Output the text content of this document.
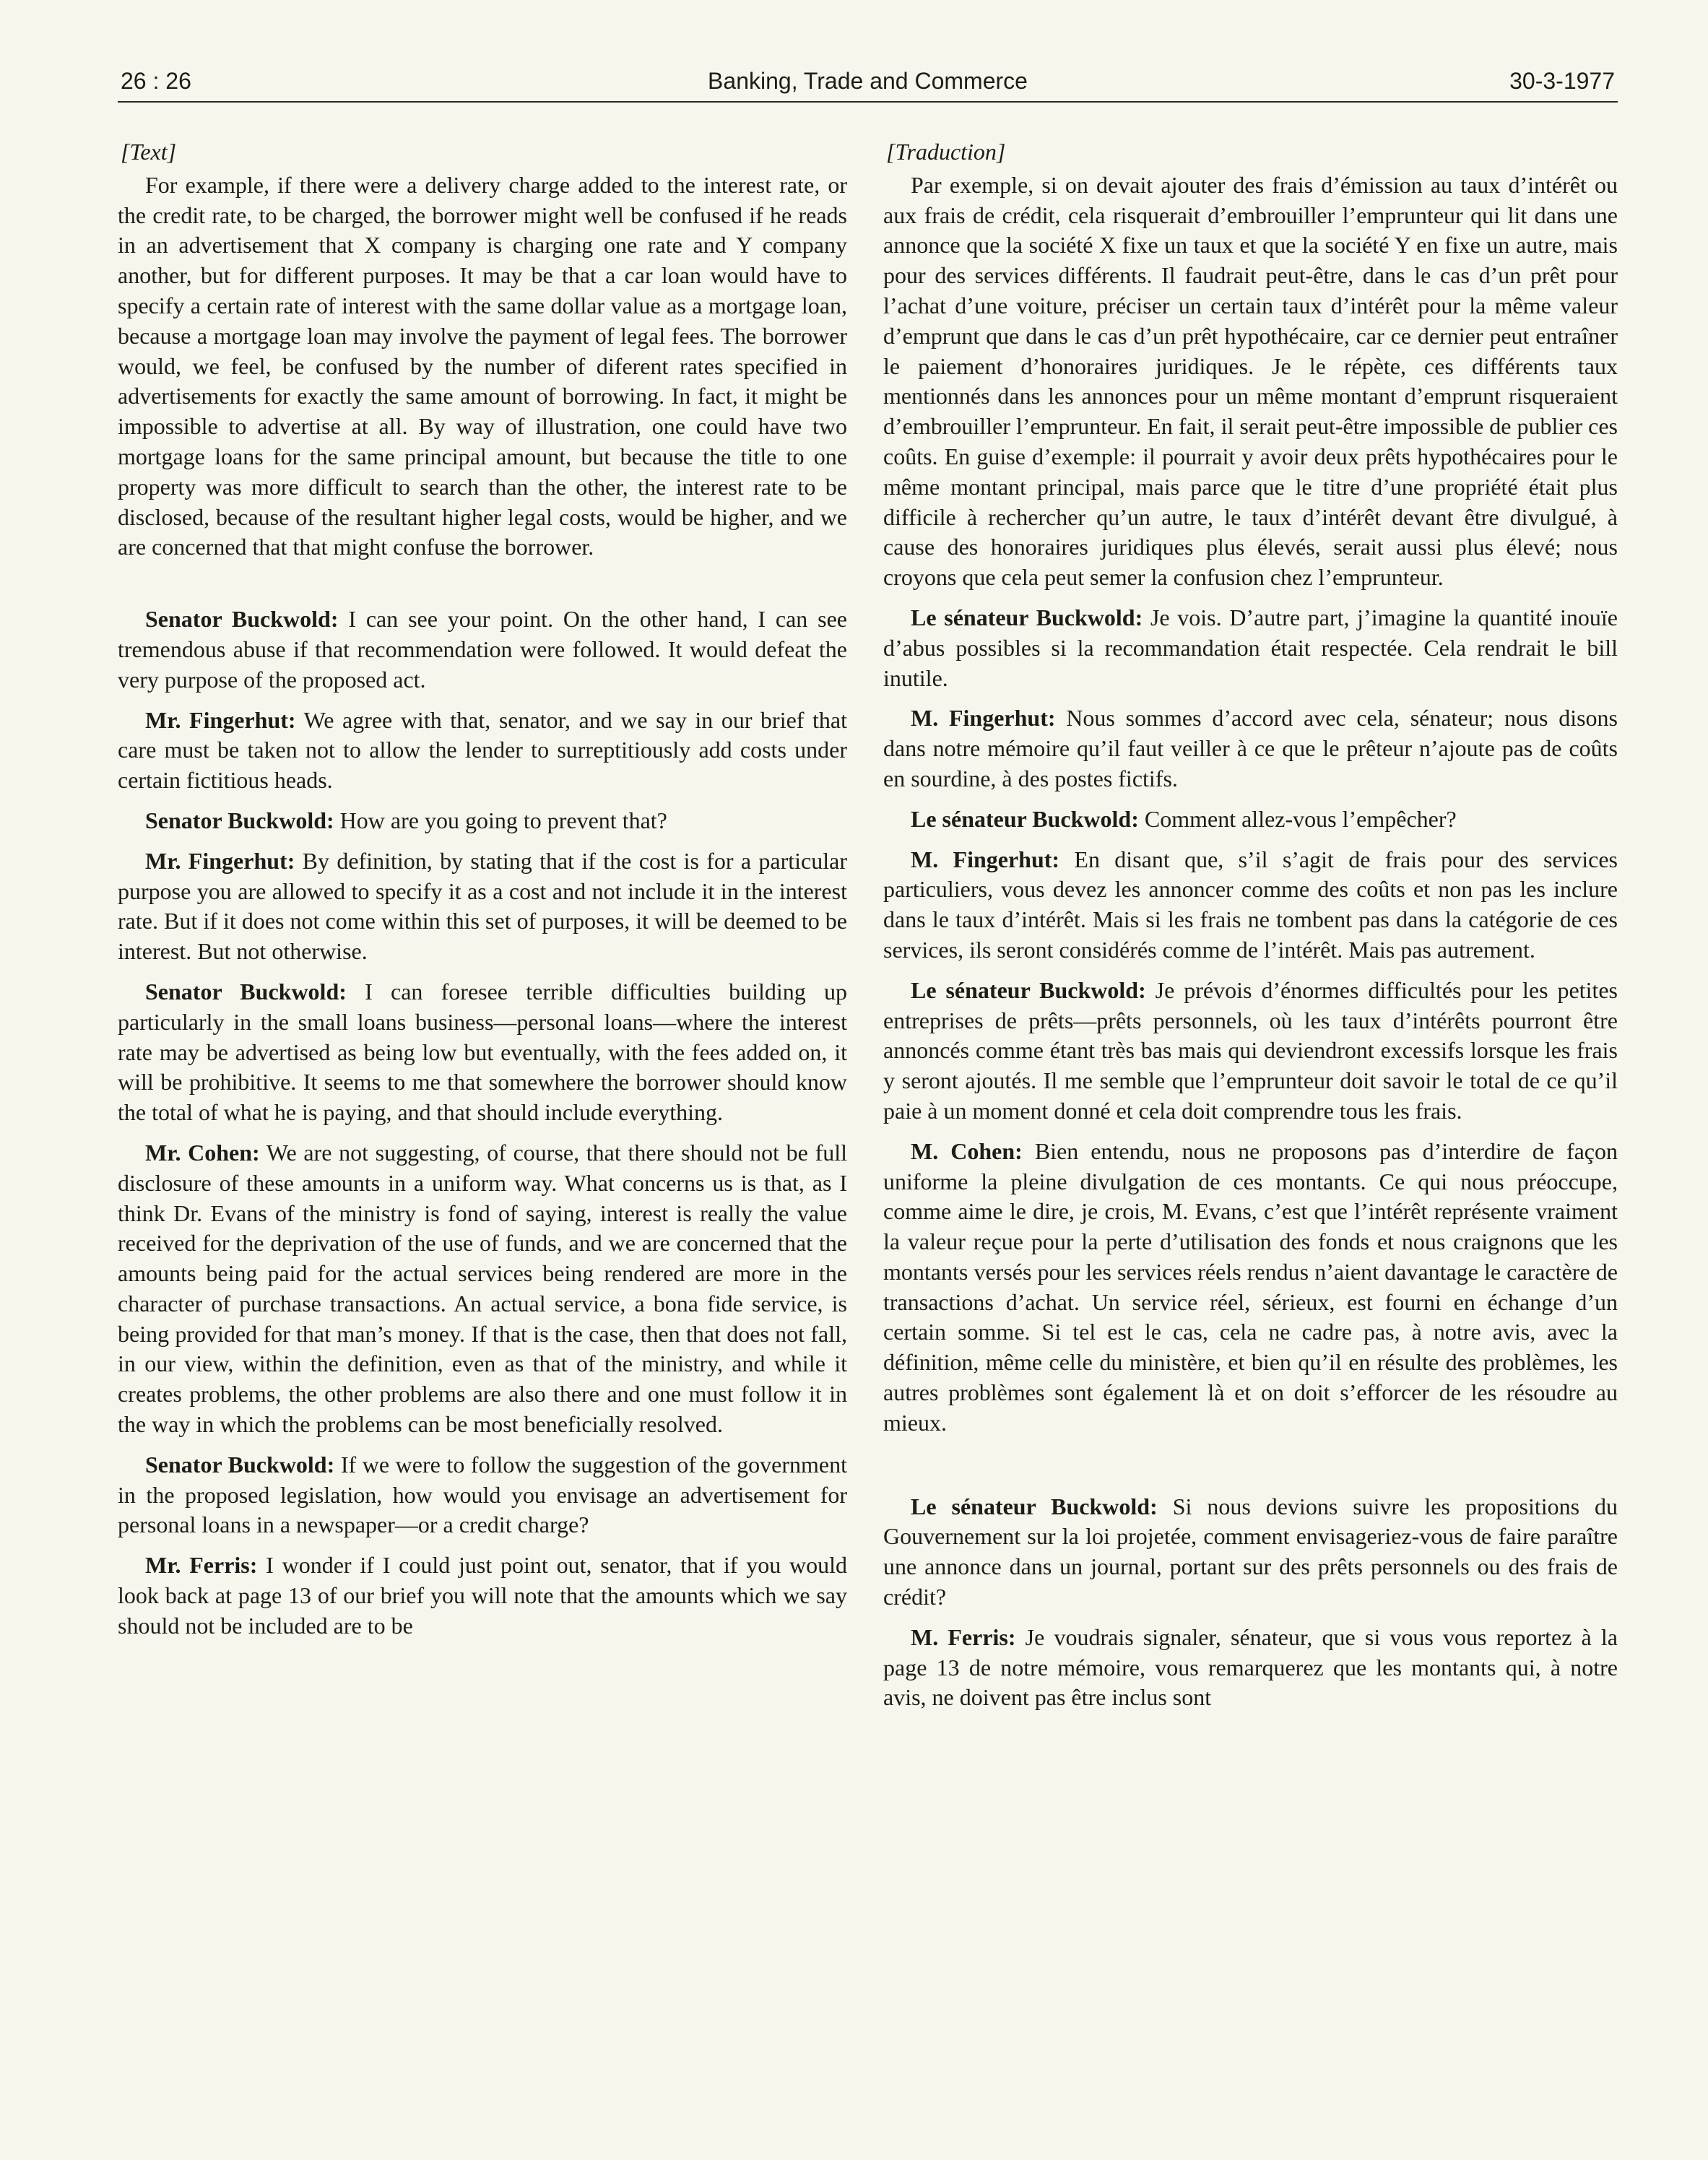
26 : 26	Banking, Trade and Commerce	30-3-1977

[Text]

For example, if there were a delivery charge added to the interest rate, or the credit rate, to be charged, the borrower might well be confused if he reads in an advertisement that X company is charging one rate and Y company another, but for different purposes. It may be that a car loan would have to specify a certain rate of interest with the same dollar value as a mortgage loan, because a mortgage loan may involve the payment of legal fees. The borrower would, we feel, be confused by the number of diferent rates specified in advertisements for exactly the same amount of borrowing. In fact, it might be impossible to advertise at all. By way of illustration, one could have two mortgage loans for the same principal amount, but because the title to one property was more difficult to search than the other, the interest rate to be disclosed, because of the resultant higher legal costs, would be higher, and we are concerned that that might confuse the borrower.

Senator Buckwold: I can see your point. On the other hand, I can see tremendous abuse if that recommendation were followed. It would defeat the very purpose of the proposed act.

Mr. Fingerhut: We agree with that, senator, and we say in our brief that care must be taken not to allow the lender to surreptitiously add costs under certain fictitious heads.

Senator Buckwold: How are you going to prevent that?

Mr. Fingerhut: By definition, by stating that if the cost is for a particular purpose you are allowed to specify it as a cost and not include it in the interest rate. But if it does not come within this set of purposes, it will be deemed to be interest. But not otherwise.

Senator Buckwold: I can foresee terrible difficulties building up particularly in the small loans business—personal loans—where the interest rate may be advertised as being low but eventually, with the fees added on, it will be prohibitive. It seems to me that somewhere the borrower should know the total of what he is paying, and that should include everything.

Mr. Cohen: We are not suggesting, of course, that there should not be full disclosure of these amounts in a uniform way. What concerns us is that, as I think Dr. Evans of the ministry is fond of saying, interest is really the value received for the deprivation of the use of funds, and we are concerned that the amounts being paid for the actual services being rendered are more in the character of purchase transactions. An actual service, a bona fide service, is being provided for that man’s money. If that is the case, then that does not fall, in our view, within the definition, even as that of the ministry, and while it creates problems, the other problems are also there and one must follow it in the way in which the problems can be most beneficially resolved.

Senator Buckwold: If we were to follow the suggestion of the government in the proposed legislation, how would you envisage an advertisement for personal loans in a newspaper—or a credit charge?

Mr. Ferris: I wonder if I could just point out, senator, that if you would look back at page 13 of our brief you will note that the amounts which we say should not be included are to be

[Traduction]

Par exemple, si on devait ajouter des frais d’émission au taux d’intérêt ou aux frais de crédit, cela risquerait d’embrouiller l’emprunteur qui lit dans une annonce que la société X fixe un taux et que la société Y en fixe un autre, mais pour des services différents. Il faudrait peut-être, dans le cas d’un prêt pour l’achat d’une voiture, préciser un certain taux d’intérêt pour la même valeur d’emprunt que dans le cas d’un prêt hypothécaire, car ce dernier peut entraîner le paiement d’honoraires juridiques. Je le répète, ces différents taux mentionnés dans les annonces pour un même montant d’emprunt risqueraient d’embrouiller l’emprunteur. En fait, il serait peut-être impossible de publier ces coûts. En guise d’exemple: il pourrait y avoir deux prêts hypothécaires pour le même montant principal, mais parce que le titre d’une propriété était plus difficile à rechercher qu’un autre, le taux d’intérêt devant être divulgué, à cause des honoraires juridiques plus élevés, serait aussi plus élevé; nous croyons que cela peut semer la confusion chez l’emprunteur.

Le sénateur Buckwold: Je vois. D’autre part, j’imagine la quantité inouïe d’abus possibles si la recommandation était respectée. Cela rendrait le bill inutile.

M. Fingerhut: Nous sommes d’accord avec cela, sénateur; nous disons dans notre mémoire qu’il faut veiller à ce que le prêteur n’ajoute pas de coûts en sourdine, à des postes fictifs.

Le sénateur Buckwold: Comment allez-vous l’empêcher?

M. Fingerhut: En disant que, s’il s’agit de frais pour des services particuliers, vous devez les annoncer comme des coûts et non pas les inclure dans le taux d’intérêt. Mais si les frais ne tombent pas dans la catégorie de ces services, ils seront considérés comme de l’intérêt. Mais pas autrement.

Le sénateur Buckwold: Je prévois d’énormes difficultés pour les petites entreprises de prêts—prêts personnels, où les taux d’intérêts pourront être annoncés comme étant très bas mais qui deviendront excessifs lorsque les frais y seront ajoutés. Il me semble que l’emprunteur doit savoir le total de ce qu’il paie à un moment donné et cela doit comprendre tous les frais.

M. Cohen: Bien entendu, nous ne proposons pas d’interdire de façon uniforme la pleine divulgation de ces montants. Ce qui nous préoccupe, comme aime le dire, je crois, M. Evans, c’est que l’intérêt représente vraiment la valeur reçue pour la perte d’utilisation des fonds et nous craignons que les montants versés pour les services réels rendus n’aient davantage le caractère de transactions d’achat. Un service réel, sérieux, est fourni en échange d’un certain somme. Si tel est le cas, cela ne cadre pas, à notre avis, avec la définition, même celle du ministère, et bien qu’il en résulte des problèmes, les autres problèmes sont également là et on doit s’efforcer de les résoudre au mieux.

Le sénateur Buckwold: Si nous devions suivre les propositions du Gouvernement sur la loi projetée, comment envisageriez-vous de faire paraître une annonce dans un journal, portant sur des prêts personnels ou des frais de crédit?

M. Ferris: Je voudrais signaler, sénateur, que si vous vous reportez à la page 13 de notre mémoire, vous remarquerez que les montants qui, à notre avis, ne doivent pas être inclus sont
